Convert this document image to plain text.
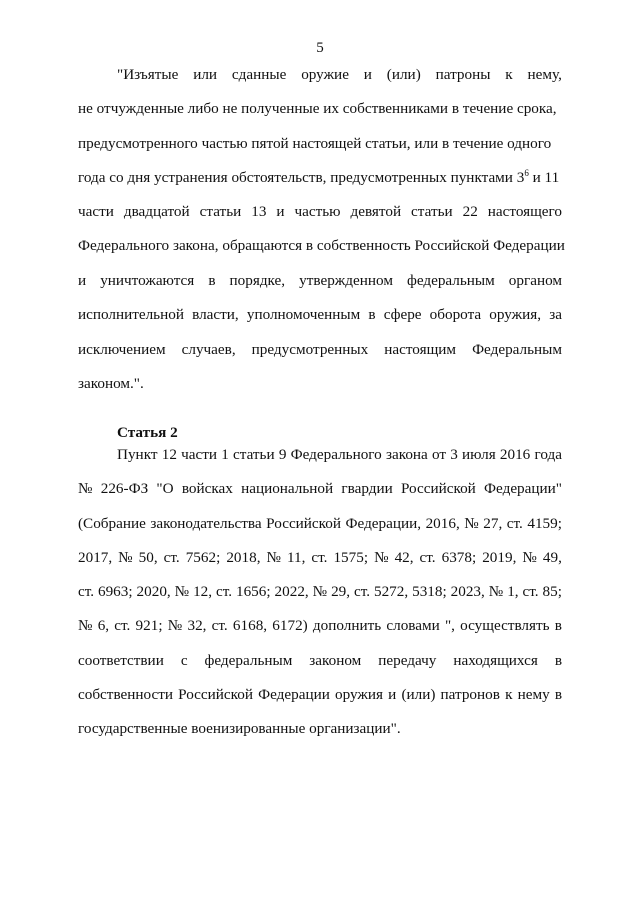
5
"Изъятые или сданные оружие и (или) патроны к нему,
не отчужденные либо не полученные их собственниками в течение срока,
предусмотренного частью пятой настоящей статьи, или в течение одного
года со дня устранения обстоятельств, предусмотренных пунктами $3^6$ и 11
части двадцатой статьи 13 и частью девятой статьи 22 настоящего
Федерального закона, обращаются в собственность Российской Федерации
и уничтожаются в порядке, утвержденном федеральным органом
исполнительной власти, уполномоченным в сфере оборота оружия, за
исключением случаев, предусмотренных настоящим Федеральным
законом.".
Статья 2
Пункт 12 части 1 статьи 9 Федерального закона от 3 июля 2016 года
№ 226-ФЗ "О войсках национальной гвардии Российской Федерации"
(Собрание законодательства Российской Федерации, 2016, № 27, ст. 4159;
2017, № 50, ст. 7562; 2018, № 11, ст. 1575; № 42, ст. 6378; 2019, № 49,
ст. 6963; 2020, № 12, ст. 1656; 2022, № 29, ст. 5272, 5318; 2023, № 1, ст. 85;
№ 6, ст. 921; № 32, ст. 6168, 6172) дополнить словами ", осуществлять в
соответствии с федеральным законом передачу находящихся в
собственности Российской Федерации оружия и (или) патронов к нему в
государственные военизированные организации".
